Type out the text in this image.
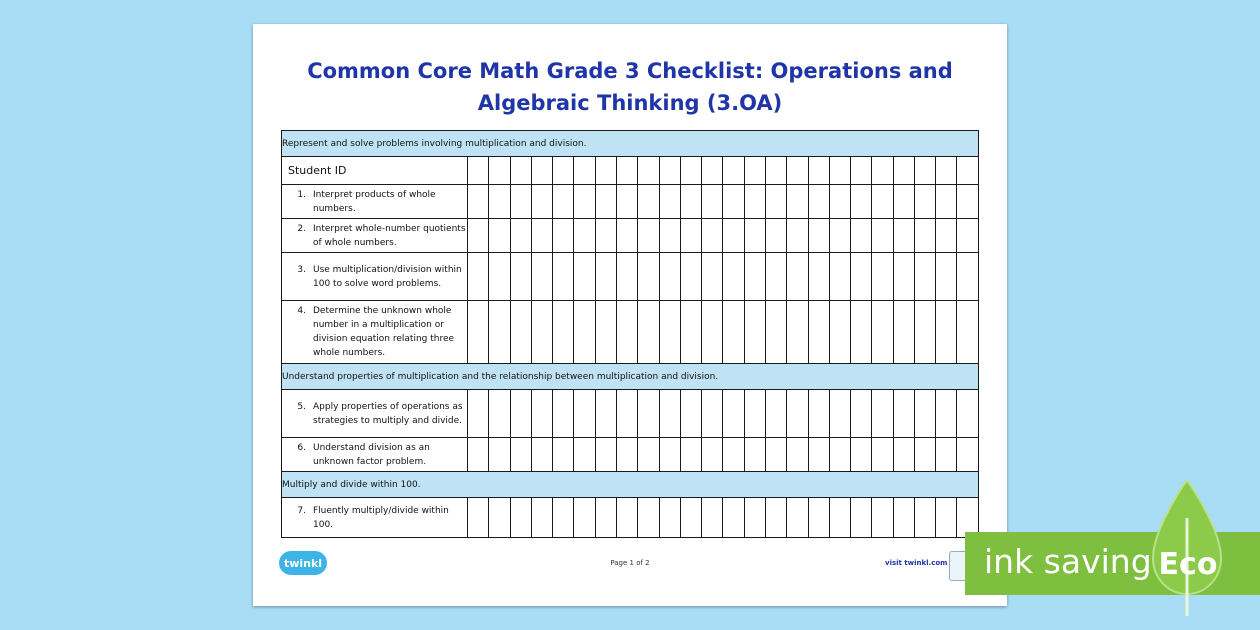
Common Core Math Grade 3 Checklist: Operations and Algebraic Thinking (3.OA)
Represent and solve problems involving multiplication and division.																								
Student ID																								

1. Interpret products of whole numbers.																								

2. Interpret whole-number quotients of whole numbers.																								

3. Use multiplication/division within 100 to solve word problems.																								

4. Determine the unknown whole number in a multiplication or division equation relating three whole numbers.																								

Understand properties of multiplication and the relationship between multiplication and division.																								

5. Apply properties of operations as strategies to multiply and divide.																								

6. Understand division as an unknown factor problem.																								

Multiply and divide within 100.																								

7. Fluently multiply/divide within 100.																								

twinkl	Page 1 of 2	visit twinkl.com ink saving Eco
